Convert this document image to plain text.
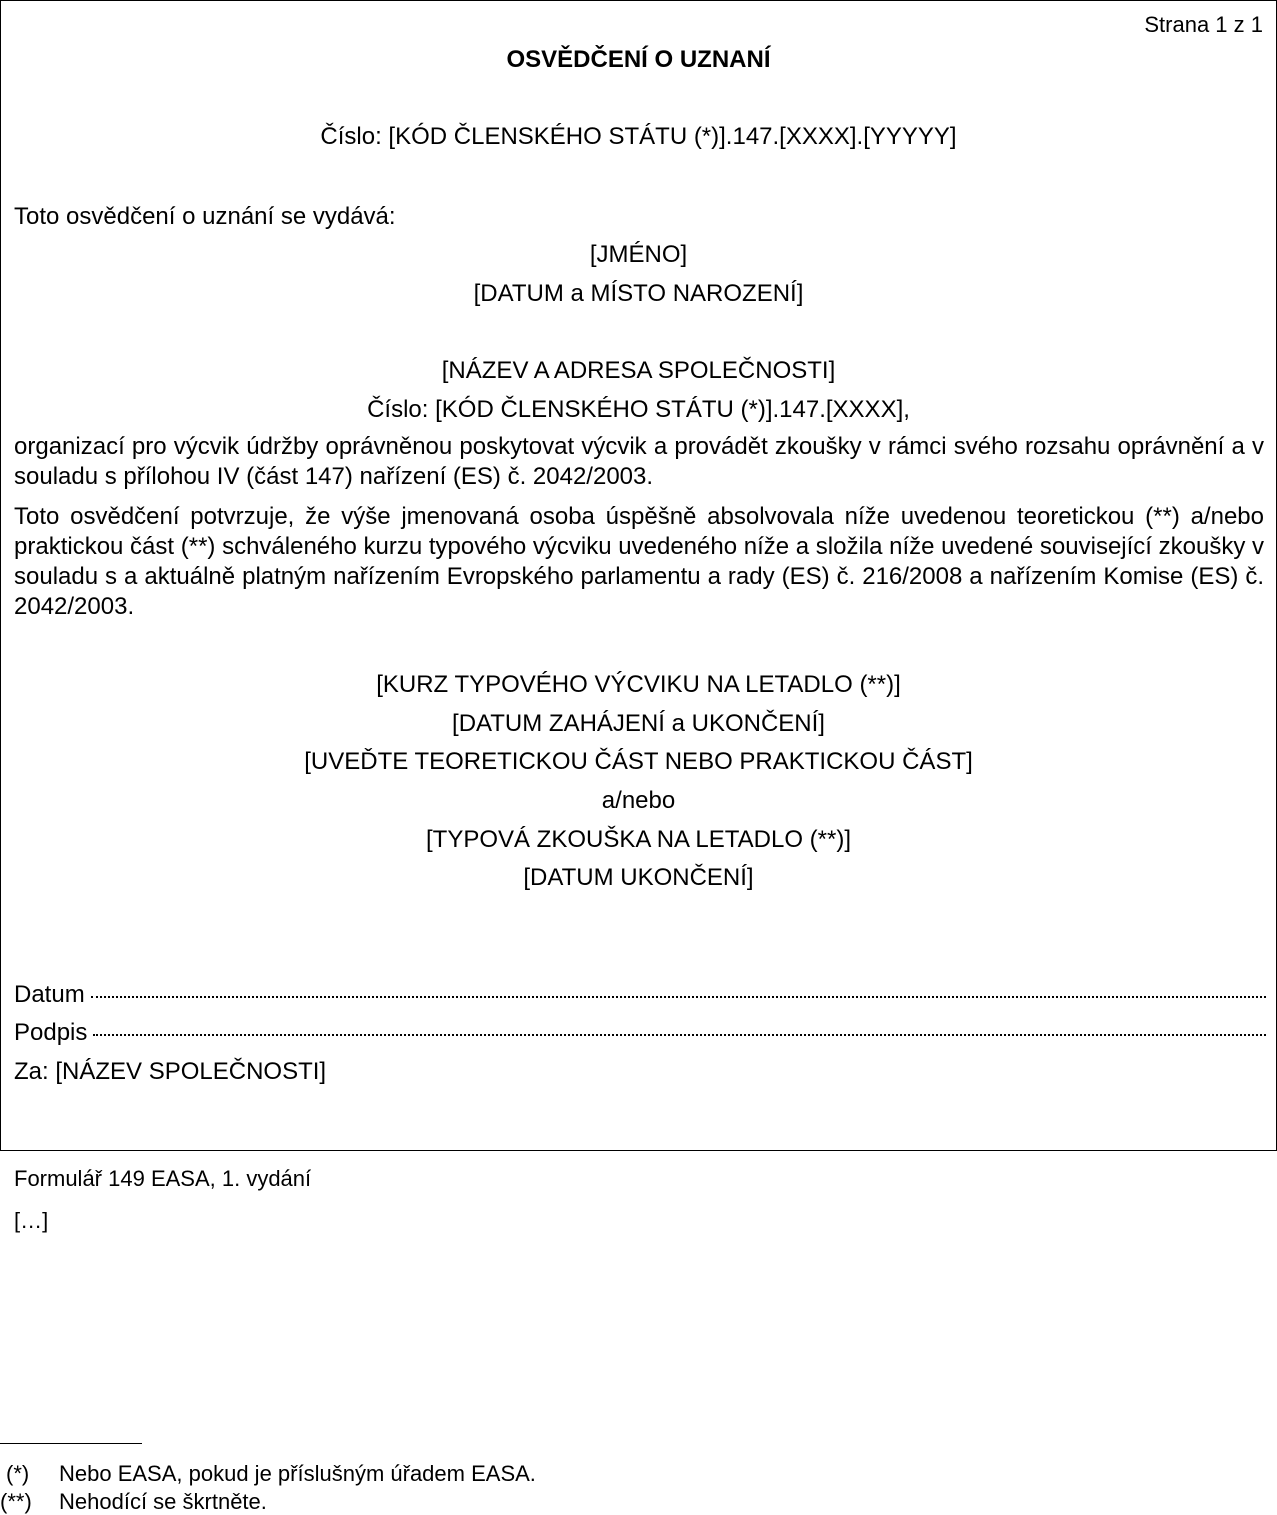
Strana 1 z 1
OSVĚDČENÍ O UZNANÍ
Číslo: [KÓD ČLENSKÉHO STÁTU (*)].147.[XXXX].[YYYYY]
Toto osvědčení o uznání se vydává:
[JMÉNO]
[DATUM a MÍSTO NAROZENÍ]
[NÁZEV A ADRESA SPOLEČNOSTI]
Číslo: [KÓD ČLENSKÉHO STÁTU (*)].147.[XXXX],
organizací pro výcvik údržby oprávněnou poskytovat výcvik a provádět zkoušky v rámci svého rozsahu oprávnění a v souladu s přílohou IV (část 147) nařízení (ES) č. 2042/2003.
Toto osvědčení potvrzuje, že výše jmenovaná osoba úspěšně absolvovala níže uvedenou teoretickou (**) a/nebo praktickou část (**) schváleného kurzu typového výcviku uvedeného níže a složila níže uvedené související zkoušky v souladu s a aktuálně platným nařízením Evropského parlamentu a rady (ES) č. 216/2008 a nařízením Komise (ES) č. 2042/2003.
[KURZ TYPOVÉHO VÝCVIKU NA LETADLO (**)]
[DATUM ZAHÁJENÍ a UKONČENÍ]
[UVEĎTE TEORETICKOU ČÁST NEBO PRAKTICKOU ČÁST]
a/nebo
[TYPOVÁ ZKOUŠKA NA LETADLO (**)]
[DATUM UKONČENÍ]
Datum
Podpis
Za: [NÁZEV SPOLEČNOSTI]
Formulář 149 EASA, 1. vydání
[…]
(*) Nebo EASA, pokud je příslušným úřadem EASA.
(**) Nehodící se škrtněte.
